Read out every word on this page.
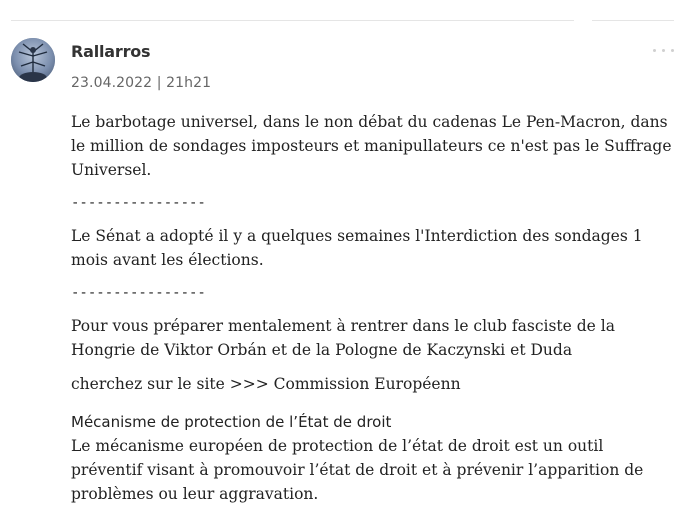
Rallarros
23.04.2022 | 21h21

Le barbotage universel, dans le non débat du cadenas Le Pen-Macron, dans le million de sondages imposteurs et manipullateurs ce n'est pas le Suffrage Universel.

----------------

Le Sénat a adopté il y a quelques semaines l'Interdiction des sondages 1 mois avant les élections.

----------------

Pour vous préparer mentalement à rentrer dans le club fasciste de la Hongrie de Viktor Orbán et de la Pologne de Kaczynski et Duda

cherchez sur le site >>> Commission Européenn

Mécanisme de protection de l’État de droit

Le mécanisme européen de protection de l’état de droit est un outil préventif visant à promouvoir l’état de droit et à prévenir l’apparition de problèmes ou leur aggravation.
